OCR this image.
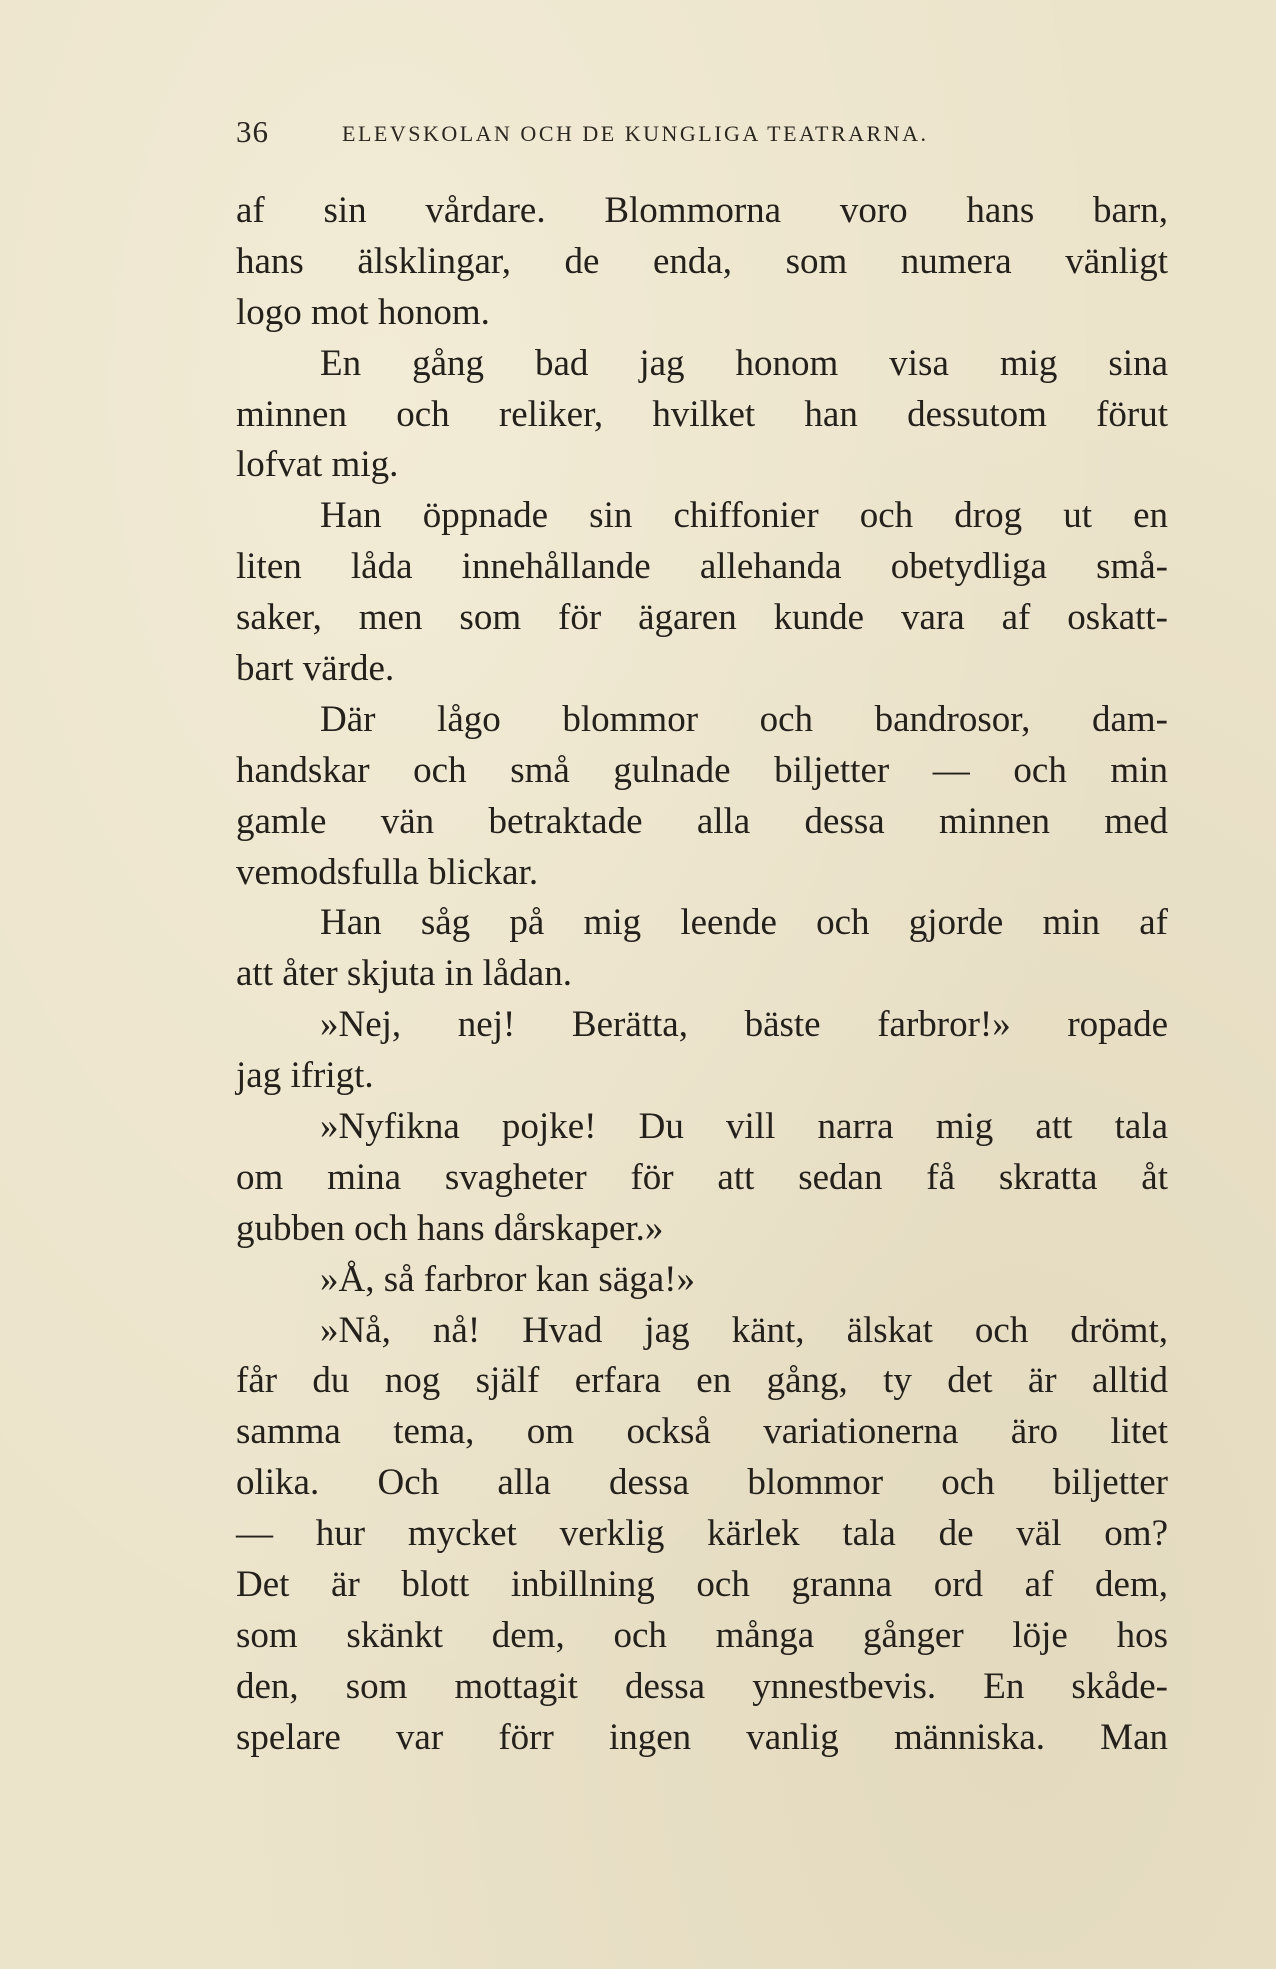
36	ELEVSKOLAN OCH DE KUNGLIGA TEATRARNA.
af sin vårdare. Blommorna voro hans barn,
hans älsklingar, de enda, som numera vänligt
logo mot honom.
En gång bad jag honom visa mig sina
minnen och reliker, hvilket han dessutom förut
lofvat mig.
Han öppnade sin chiffonier och drog ut en
liten låda innehållande allehanda obetydliga små-
saker, men som för ägaren kunde vara af oskatt-
bart värde.
Där lågo blommor och bandrosor, dam-
handskar och små gulnade biljetter — och min
gamle vän betraktade alla dessa minnen med
vemodsfulla blickar.
Han såg på mig leende och gjorde min af
att åter skjuta in lådan.
»Nej, nej! Berätta, bäste farbror!» ropade
jag ifrigt.
»Nyfikna pojke! Du vill narra mig att tala
om mina svagheter för att sedan få skratta åt
gubben och hans dårskaper.»
»Å, så farbror kan säga!»
»Nå, nå! Hvad jag känt, älskat och drömt,
får du nog själf erfara en gång, ty det är alltid
samma tema, om också variationerna äro litet
olika. Och alla dessa blommor och biljetter
— hur mycket verklig kärlek tala de väl om?
Det är blott inbillning och granna ord af dem,
som skänkt dem, och många gånger löje hos
den, som mottagit dessa ynnestbevis. En skåde-
spelare var förr ingen vanlig människa. Man
